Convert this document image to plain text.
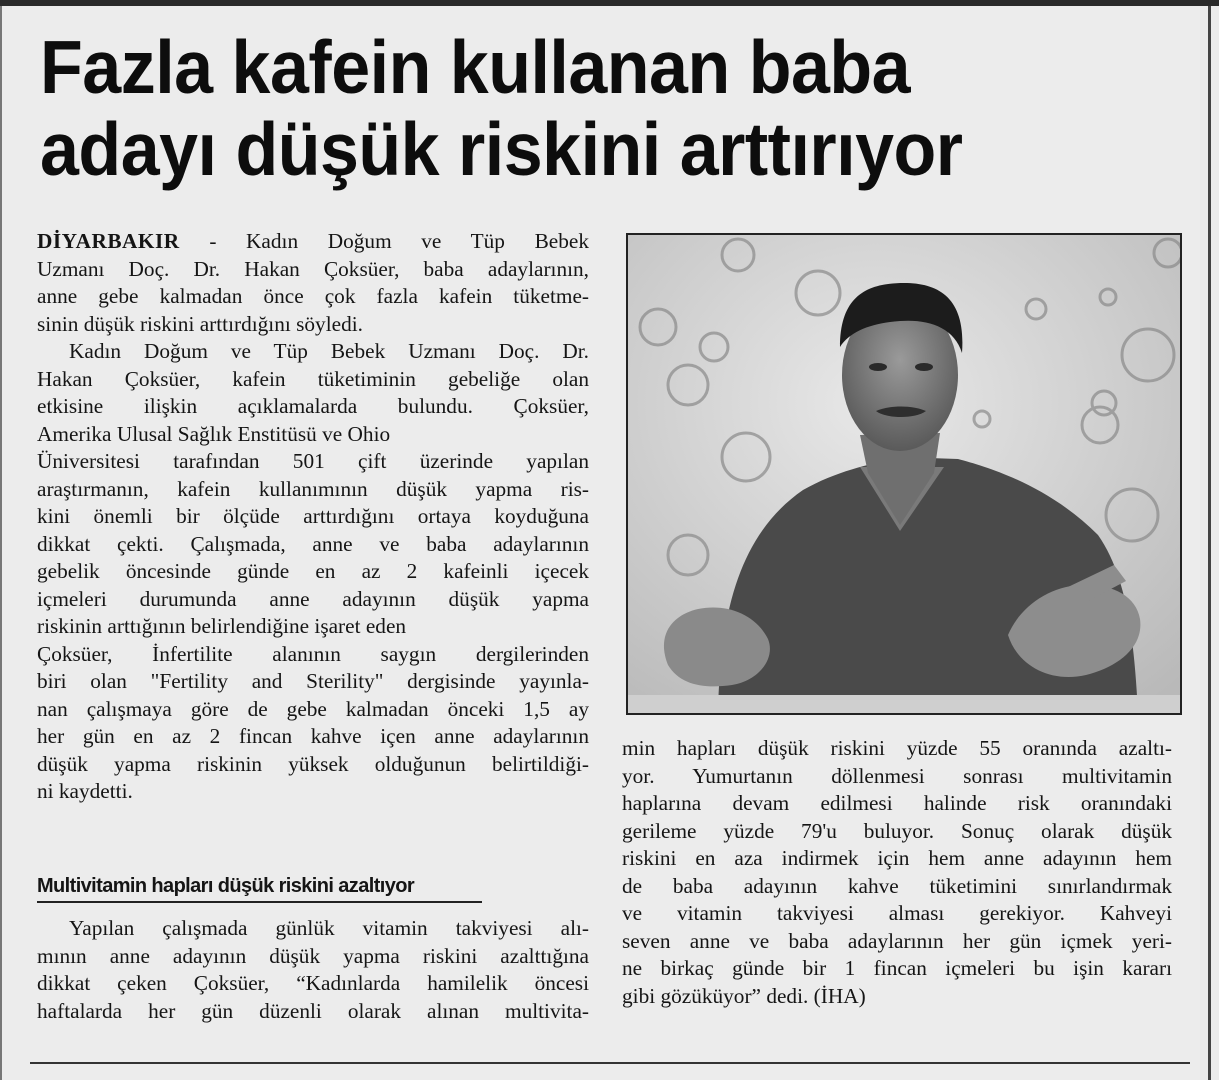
Fazla kafein kullanan baba
adayı düşük riskini arttırıyor

DİYARBAKIR - Kadın Doğum ve Tüp Bebek
Uzmanı Doç. Dr. Hakan Çoksüer, baba adaylarının,
anne gebe kalmadan önce çok fazla kafein tüketme-
sinin düşük riskini arttırdığını söyledi.

Kadın Doğum ve Tüp Bebek Uzmanı Doç. Dr.
Hakan Çoksüer, kafein tüketiminin gebeliğe olan
etkisine ilişkin açıklamalarda bulundu. Çoksüer,
Amerika Ulusal Sağlık Enstitüsü ve Ohio
Üniversitesi tarafından 501 çift üzerinde yapılan
araştırmanın, kafein kullanımının düşük yapma ris-
kini önemli bir ölçüde arttırdığını ortaya koyduğuna
dikkat çekti. Çalışmada, anne ve baba adaylarının
gebelik öncesinde günde en az 2 kafeinli içecek
içmeleri durumunda anne adayının düşük yapma
riskinin arttığının belirlendiğine işaret eden
Çoksüer, İnfertilite alanının saygın dergilerinden
biri olan "Fertility and Sterility" dergisinde yayınla-
nan çalışmaya göre de gebe kalmadan önceki 1,5 ay
her gün en az 2 fincan kahve içen anne adaylarının
düşük yapma riskinin yüksek olduğunun belirtildiği-
ni kaydetti.

Multivitamin hapları düşük riskini azaltıyor

Yapılan çalışmada günlük vitamin takviyesi alı-
mının anne adayının düşük yapma riskini azalttığına
dikkat çeken Çoksüer, “Kadınlarda hamilelik öncesi
haftalarda her gün düzenli olarak alınan multivita-

min hapları düşük riskini yüzde 55 oranında azaltı-
yor. Yumurtanın döllenmesi sonrası multivitamin
haplarına devam edilmesi halinde risk oranındaki
gerileme yüzde 79'u buluyor. Sonuç olarak düşük
riskini en aza indirmek için hem anne adayının hem
de baba adayının kahve tüketimini sınırlandırmak
ve vitamin takviyesi alması gerekiyor. Kahveyi
seven anne ve baba adaylarının her gün içmek yeri-
ne birkaç günde bir 1 fincan içmeleri bu işin kararı
gibi gözüküyor” dedi. (İHA)
